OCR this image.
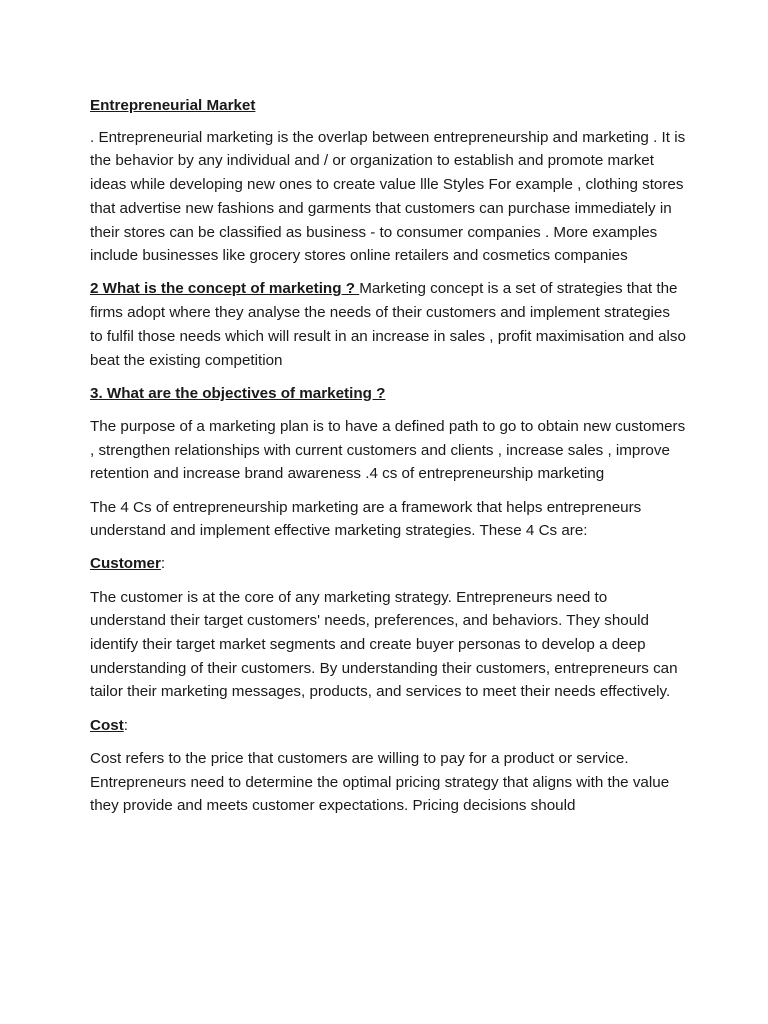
Entrepreneurial Market

. Entrepreneurial marketing is the overlap between entrepreneurship and marketing . It is the behavior by any individual and / or organization to establish and promote market ideas while developing new ones to create value llle Styles For example , clothing stores that advertise new fashions and garments that customers can purchase immediately in their stores can be classified as business - to consumer companies . More examples include businesses like grocery stores online retailers and cosmetics companies

2 What is the concept of marketing ? Marketing concept is a set of strategies that the firms adopt where they analyse the needs of their customers and implement strategies to fulfil those needs which will result in an increase in sales , profit maximisation and also beat the existing competition

3. What are the objectives of marketing ?

The purpose of a marketing plan is to have a defined path to go to obtain new customers , strengthen relationships with current customers and clients , increase sales , improve retention and increase brand awareness .4 cs of entrepreneurship marketing

The 4 Cs of entrepreneurship marketing are a framework that helps entrepreneurs understand and implement effective marketing strategies. These 4 Cs are:

Customer:

The customer is at the core of any marketing strategy. Entrepreneurs need to understand their target customers' needs, preferences, and behaviors. They should identify their target market segments and create buyer personas to develop a deep understanding of their customers. By understanding their customers, entrepreneurs can tailor their marketing messages, products, and services to meet their needs effectively.

Cost:

Cost refers to the price that customers are willing to pay for a product or service. Entrepreneurs need to determine the optimal pricing strategy that aligns with the value they provide and meets customer expectations. Pricing decisions should
